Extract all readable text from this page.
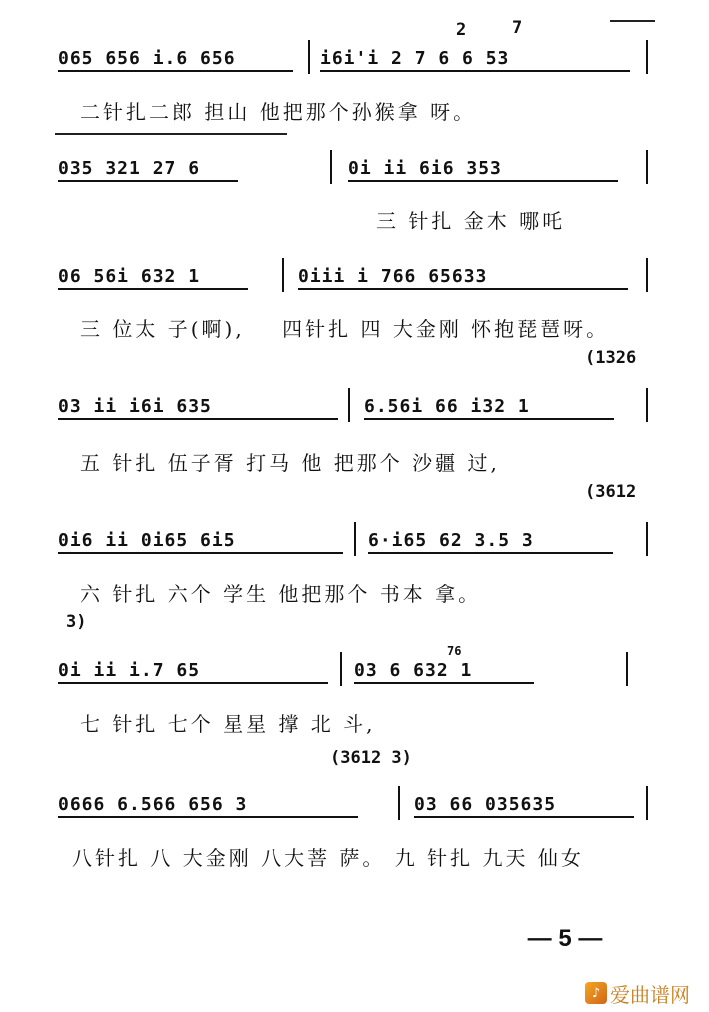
2	7
065 656 i.6 656	i6i'i 2 7 6 6 53
二针扎二郎 担山 他把那个孙猴拿 呀。
035 321 27 6	0i ii 6i6 353
三 针扎 金木 哪吒
06 56i 632 1	0iii i 766 65633
三 位太 子(啊),    四针扎 四 大金刚 怀抱琵琶呀。
(1326
03 ii i6i 635	6.56i 66 i32 1
五 针扎 伍子胥 打马 他 把那个 沙疆 过,
(3612
0i6 ii 0i65 6i5	6·i65 62 3.5 3
六 针扎 六个 学生 他把那个 书本 拿。
3)
76
0i ii i.7 65	03 6 632 1
七 针扎 七个 星星 撑 北 斗,
(3612 3)
0666 6.566 656 3	03 66 035635
八针扎 八 大金刚 八大菩 萨。 九 针扎 九天 仙女
— 5 —
♪ 爱曲谱网
